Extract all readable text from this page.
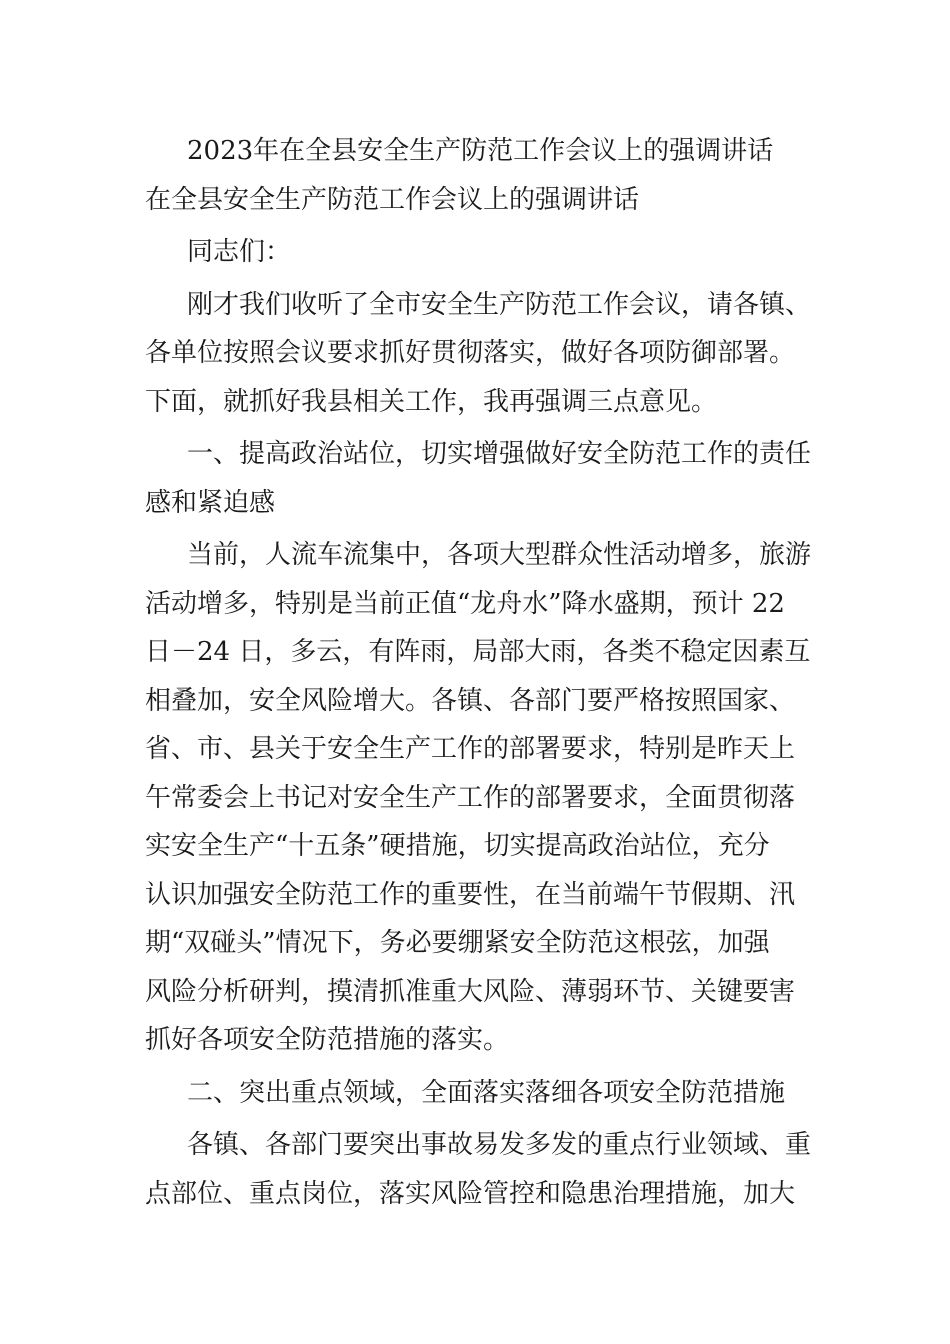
2023年在全县安全生产防范工作会议上的强调讲话
在全县安全生产防范工作会议上的强调讲话
同志们：
刚才我们收听了全市安全生产防范工作会议，请各镇、
各单位按照会议要求抓好贯彻落实，做好各项防御部署。
下面，就抓好我县相关工作，我再强调三点意见。
一、提高政治站位，切实增强做好安全防范工作的责任
感和紧迫感
当前，人流车流集中，各项大型群众性活动增多，旅游
活动增多，特别是当前正值“龙舟水”降水盛期，预计 22
日－24 日，多云，有阵雨，局部大雨，各类不稳定因素互
相叠加，安全风险增大。各镇、各部门要严格按照国家、
省、市、县关于安全生产工作的部署要求，特别是昨天上
午常委会上书记对安全生产工作的部署要求，全面贯彻落
实安全生产“十五条”硬措施，切实提高政治站位，充分
认识加强安全防范工作的重要性，在当前端午节假期、汛
期“双碰头”情况下，务必要绷紧安全防范这根弦，加强
风险分析研判，摸清抓准重大风险、薄弱环节、关键要害
抓好各项安全防范措施的落实。
二、突出重点领域，全面落实落细各项安全防范措施
各镇、各部门要突出事故易发多发的重点行业领域、重
点部位、重点岗位，落实风险管控和隐患治理措施，加大
